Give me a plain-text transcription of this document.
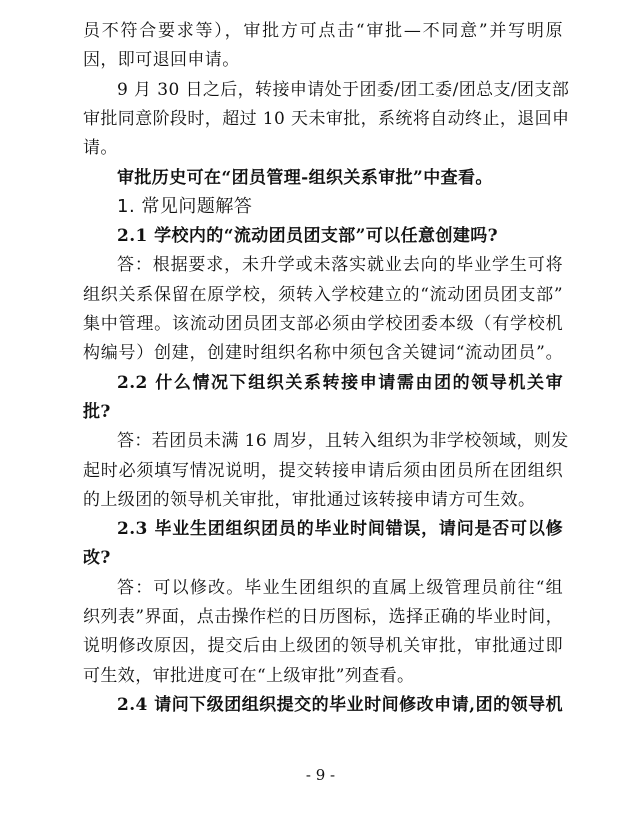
员不符合要求等），审批方可点击“审批—不同意”并写明原
因，即可退回申请。
9 月 30 日之后，转接申请处于团委/团工委/团总支/团支部
审批同意阶段时，超过 10 天未审批，系统将自动终止，退回申
请。
审批历史可在“团员管理-组织关系审批”中查看。
1. 常见问题解答
2.1 学校内的“流动团员团支部”可以任意创建吗?
答：根据要求，未升学或未落实就业去向的毕业学生可将
组织关系保留在原学校，须转入学校建立的“流动团员团支部”
集中管理。该流动团员团支部必须由学校团委本级（有学校机
构编号）创建，创建时组织名称中须包含关键词“流动团员”。
2.2 什么情况下组织关系转接申请需由团的领导机关审
批?
答：若团员未满 16 周岁，且转入组织为非学校领域，则发
起时必须填写情况说明，提交转接申请后须由团员所在团组织
的上级团的领导机关审批，审批通过该转接申请方可生效。
2.3 毕业生团组织团员的毕业时间错误，请问是否可以修
改?
答：可以修改。毕业生团组织的直属上级管理员前往“组
织列表”界面，点击操作栏的日历图标，选择正确的毕业时间，
说明修改原因，提交后由上级团的领导机关审批，审批通过即
可生效，审批进度可在“上级审批”列查看。
2.4 请问下级团组织提交的毕业时间修改申请,团的领导机
- 9 -
